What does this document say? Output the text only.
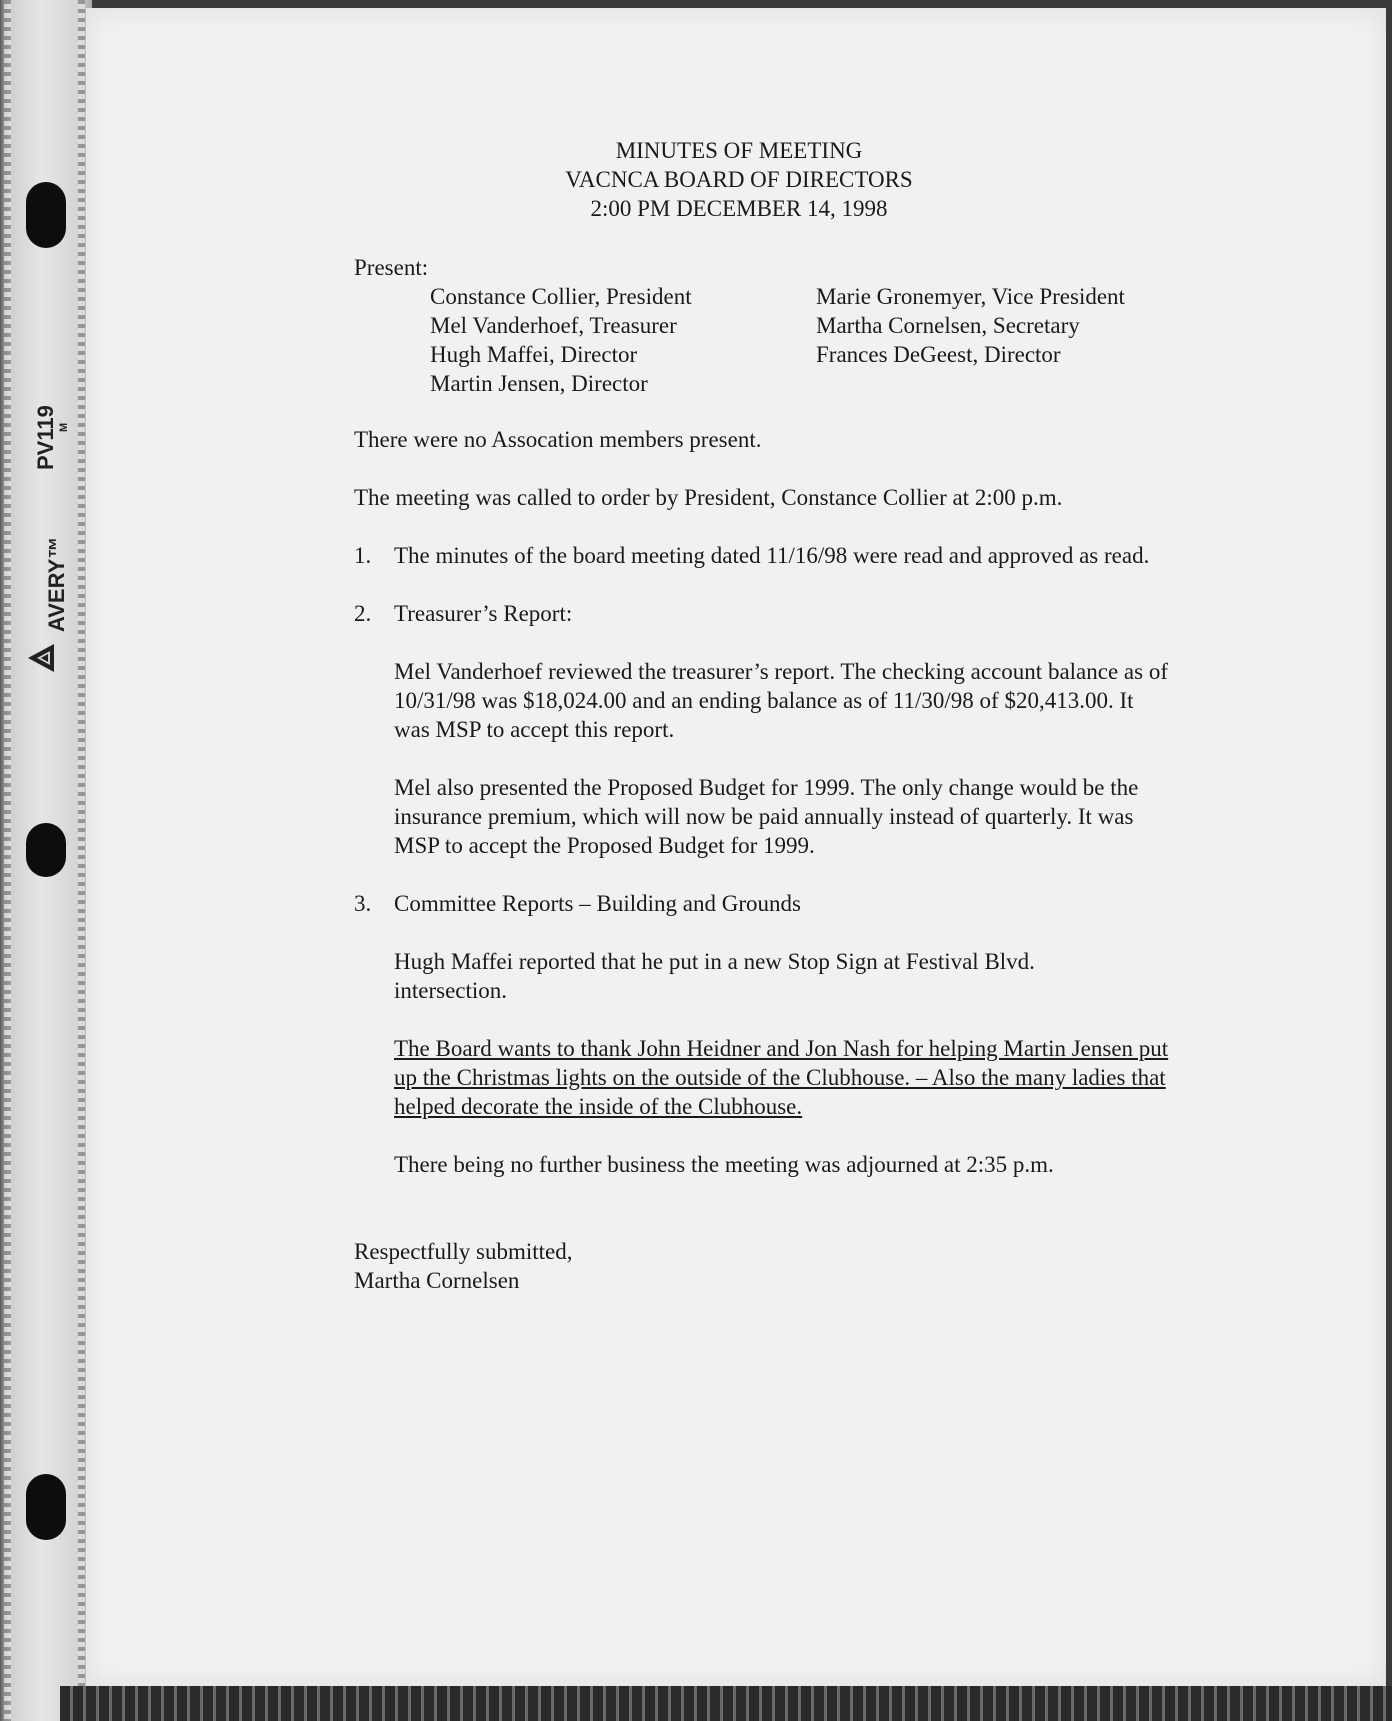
PV119 M
AVERY™
MINUTES OF MEETING
VACNCA BOARD OF DIRECTORS
2:00 PM DECEMBER 14, 1998

Present:

Constance Collier, President
Mel Vanderhoef, Treasurer
Hugh Maffei, Director
Martin Jensen, Director
Marie Gronemyer, Vice President
Martha Cornelsen, Secretary
Frances DeGeest, Director

There were no Assocation members present.

The meeting was called to order by President, Constance Collier at 2:00 p.m.

1. The minutes of the board meeting dated 11/16/98 were read and approved as read.
2. Treasurer’s Report:

Mel Vanderhoef reviewed the treasurer’s report. The checking account balance as of 10/31/98 was $18,024.00 and an ending balance as of 11/30/98 of $20,413.00. It was MSP to accept this report.

Mel also presented the Proposed Budget for 1999. The only change would be the insurance premium, which will now be paid annually instead of quarterly. It was MSP to accept the Proposed Budget for 1999.

3. Committee Reports – Building and Grounds

Hugh Maffei reported that he put in a new Stop Sign at Festival Blvd. intersection.

The Board wants to thank John Heidner and Jon Nash for helping Martin Jensen put up the Christmas lights on the outside of the Clubhouse. – Also the many ladies that helped decorate the inside of the Clubhouse.

There being no further business the meeting was adjourned at 2:35 p.m.

Respectfully submitted,

Martha Cornelsen
